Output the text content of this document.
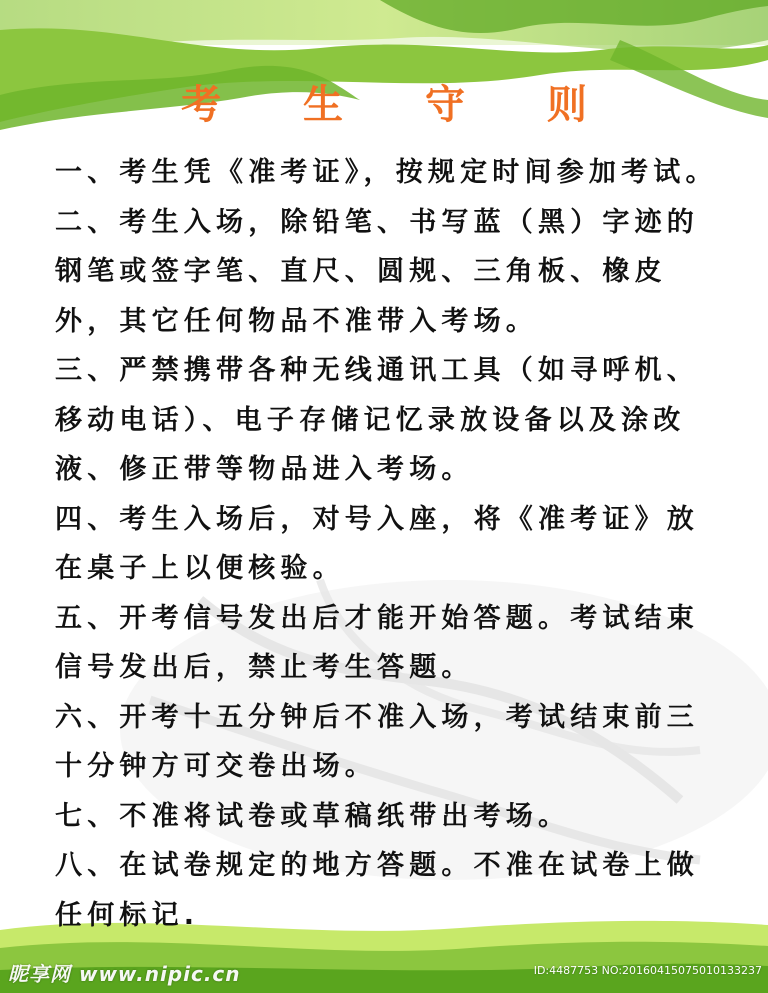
考 生 守 则
一、考生凭《准考证》，按规定时间参加考试。
二、考生入场，除铅笔、书写蓝（黑）字迹的钢笔或签字笔、直尺、圆规、三角板、橡皮外，其它任何物品不准带入考场。
三、严禁携带各种无线通讯工具（如寻呼机、移动电话）、电子存储记忆录放设备以及涂改液、修正带等物品进入考场。
四、考生入场后，对号入座，将《准考证》放在桌子上以便核验。
五、开考信号发出后才能开始答题。考试结束信号发出后，禁止考生答题。
六、开考十五分钟后不准入场，考试结束前三十分钟方可交卷出场。
七、不准将试卷或草稿纸带出考场。
八、在试卷规定的地方答题。不准在试卷上做任何标记.
昵享网 www.nipic.cn	ID:4487753 NO:20160415075010133237
